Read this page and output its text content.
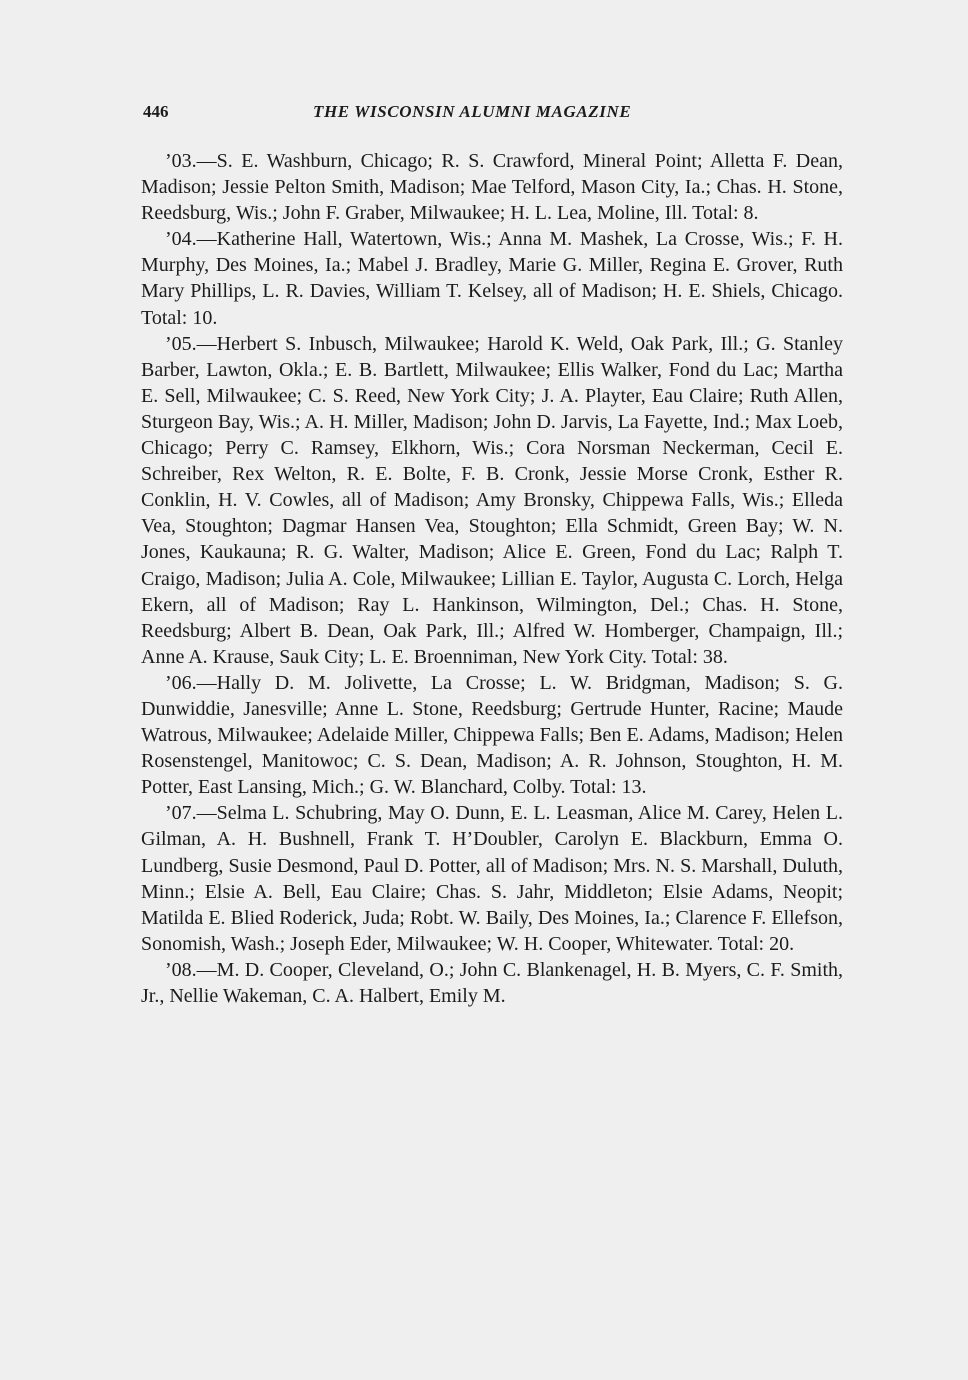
446	THE WISCONSIN ALUMNI MAGAZINE

’03.—S. E. Washburn, Chicago; R. S. Crawford, Mineral Point; Alletta F. Dean, Madison; Jessie Pelton Smith, Madison; Mae Telford, Mason City, Ia.; Chas. H. Stone, Reedsburg, Wis.; John F. Graber, Milwaukee; H. L. Lea, Moline, Ill. Total: 8.

’04.—Katherine Hall, Watertown, Wis.; Anna M. Mashek, La Crosse, Wis.; F. H. Murphy, Des Moines, Ia.; Mabel J. Bradley, Marie G. Miller, Regina E. Grover, Ruth Mary Phillips, L. R. Davies, William T. Kelsey, all of Madison; H. E. Shiels, Chicago. Total: 10.

’05.—Herbert S. Inbusch, Milwaukee; Harold K. Weld, Oak Park, Ill.; G. Stanley Barber, Lawton, Okla.; E. B. Bartlett, Milwaukee; Ellis Walker, Fond du Lac; Martha E. Sell, Milwaukee; C. S. Reed, New York City; J. A. Playter, Eau Claire; Ruth Allen, Sturgeon Bay, Wis.; A. H. Miller, Madison; John D. Jarvis, La Fayette, Ind.; Max Loeb, Chicago; Perry C. Ramsey, Elkhorn, Wis.; Cora Norsman Neckerman, Cecil E. Schreiber, Rex Welton, R. E. Bolte, F. B. Cronk, Jessie Morse Cronk, Esther R. Conklin, H. V. Cowles, all of Madison; Amy Bronsky, Chippewa Falls, Wis.; Elleda Vea, Stoughton; Dagmar Hansen Vea, Stoughton; Ella Schmidt, Green Bay; W. N. Jones, Kaukauna; R. G. Walter, Madison; Alice E. Green, Fond du Lac; Ralph T. Craigo, Madison; Julia A. Cole, Milwaukee; Lillian E. Taylor, Augusta C. Lorch, Helga Ekern, all of Madison; Ray L. Hankinson, Wilmington, Del.; Chas. H. Stone, Reedsburg; Albert B. Dean, Oak Park, Ill.; Alfred W. Homberger, Champaign, Ill.; Anne A. Krause, Sauk City; L. E. Broenniman, New York City. Total: 38.

’06.—Hally D. M. Jolivette, La Crosse; L. W. Bridgman, Madison; S. G. Dunwiddie, Janesville; Anne L. Stone, Reedsburg; Gertrude Hunter, Racine; Maude Watrous, Milwaukee; Adelaide Miller, Chippewa Falls; Ben E. Adams, Madison; Helen Rosenstengel, Manitowoc; C. S. Dean, Madison; A. R. Johnson, Stoughton, H. M. Potter, East Lansing, Mich.; G. W. Blanchard, Colby. Total: 13.

’07.—Selma L. Schubring, May O. Dunn, E. L. Leasman, Alice M. Carey, Helen L. Gilman, A. H. Bushnell, Frank T. H’Doubler, Carolyn E. Blackburn, Emma O. Lundberg, Susie Desmond, Paul D. Potter, all of Madison; Mrs. N. S. Marshall, Duluth, Minn.; Elsie A. Bell, Eau Claire; Chas. S. Jahr, Middleton; Elsie Adams, Neopit; Matilda E. Blied Roderick, Juda; Robt. W. Baily, Des Moines, Ia.; Clarence F. Ellefson, Sonomish, Wash.; Joseph Eder, Milwaukee; W. H. Cooper, Whitewater. Total: 20.

’08.—M. D. Cooper, Cleveland, O.; John C. Blankenagel, H. B. Myers, C. F. Smith, Jr., Nellie Wakeman, C. A. Halbert, Emily M.
